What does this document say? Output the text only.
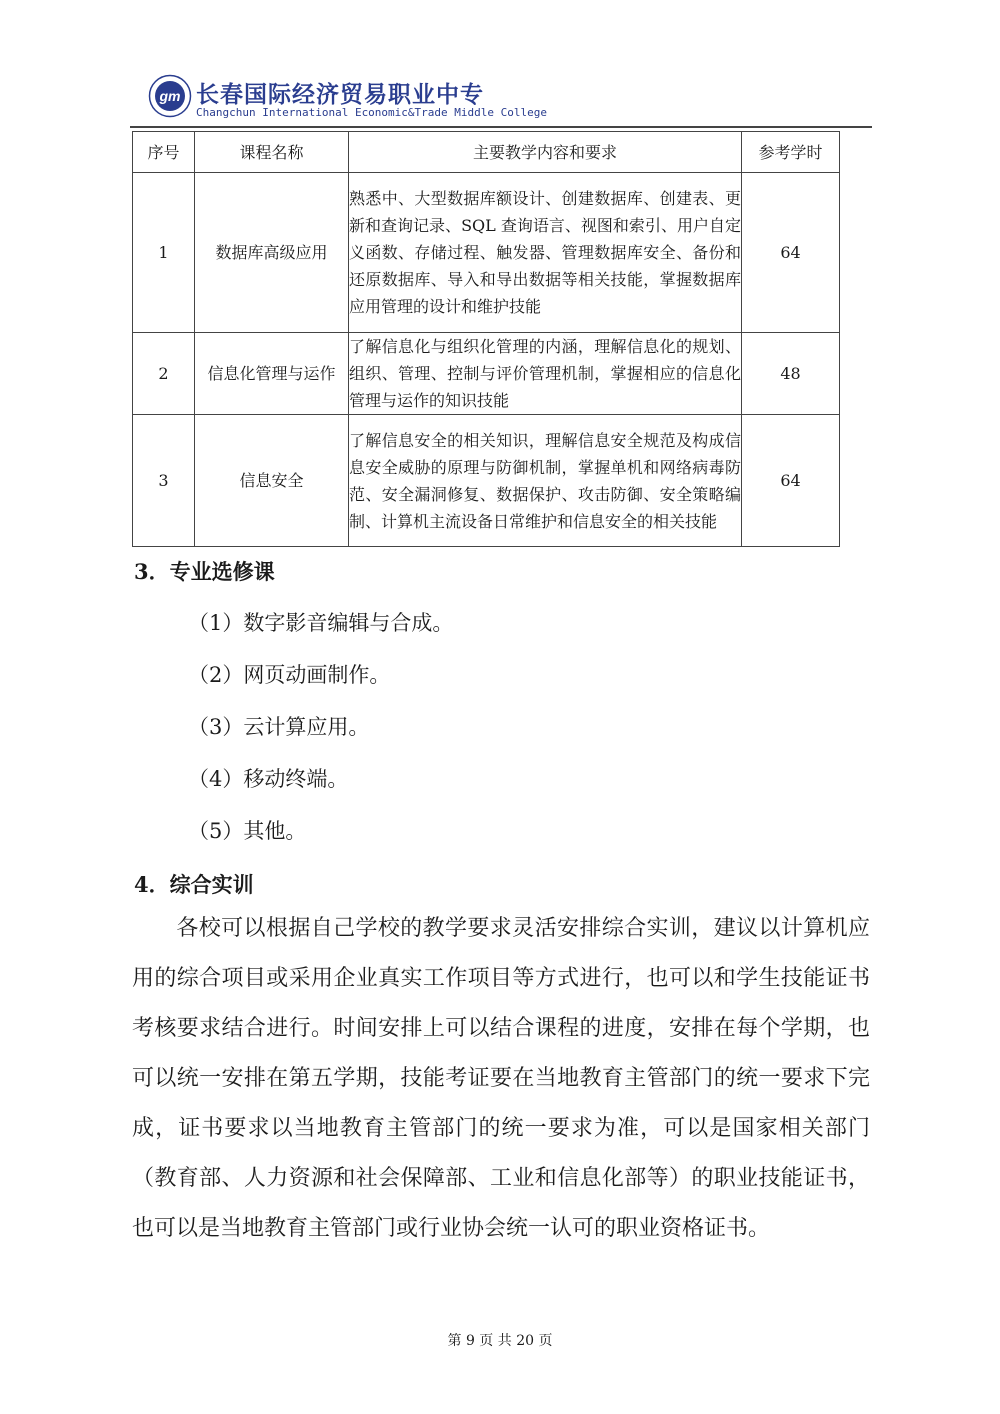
gm 长春国际经济贸易职业中专
Changchun International Economic&Trade Middle College
序号	课程名称	主要教学内容和要求	参考学时
1	数据库高级应用	熟悉中、大型数据库额设计、创建数据库、创建表、更新和查询记录、SQL 查询语言、视图和索引、用户自定义函数、存储过程、触发器、管理数据库安全、备份和还原数据库、导入和导出数据等相关技能，掌握数据库应用管理的设计和维护技能	64
2	信息化管理与运作	了解信息化与组织化管理的内涵，理解信息化的规划、组织、管理、控制与评价管理机制，掌握相应的信息化管理与运作的知识技能	48
3	信息安全	了解信息安全的相关知识，理解信息安全规范及构成信息安全威胁的原理与防御机制，掌握单机和网络病毒防范、安全漏洞修复、数据保护、攻击防御、安全策略编制、计算机主流设备日常维护和信息安全的相关技能	64
3．专业选修课
（1）数字影音编辑与合成。
（2）网页动画制作。
（3）云计算应用。
（4）移动终端。
（5）其他。
4．综合实训
各校可以根据自己学校的教学要求灵活安排综合实训，建议以计算机应用的综合项目或采用企业真实工作项目等方式进行，也可以和学生技能证书考核要求结合进行。时间安排上可以结合课程的进度，安排在每个学期，也可以统一安排在第五学期，技能考证要在当地教育主管部门的统一要求下完成，证书要求以当地教育主管部门的统一要求为准，可以是国家相关部门（教育部、人力资源和社会保障部、工业和信息化部等）的职业技能证书，也可以是当地教育主管部门或行业协会统一认可的职业资格证书。
第 9 页 共 20 页
